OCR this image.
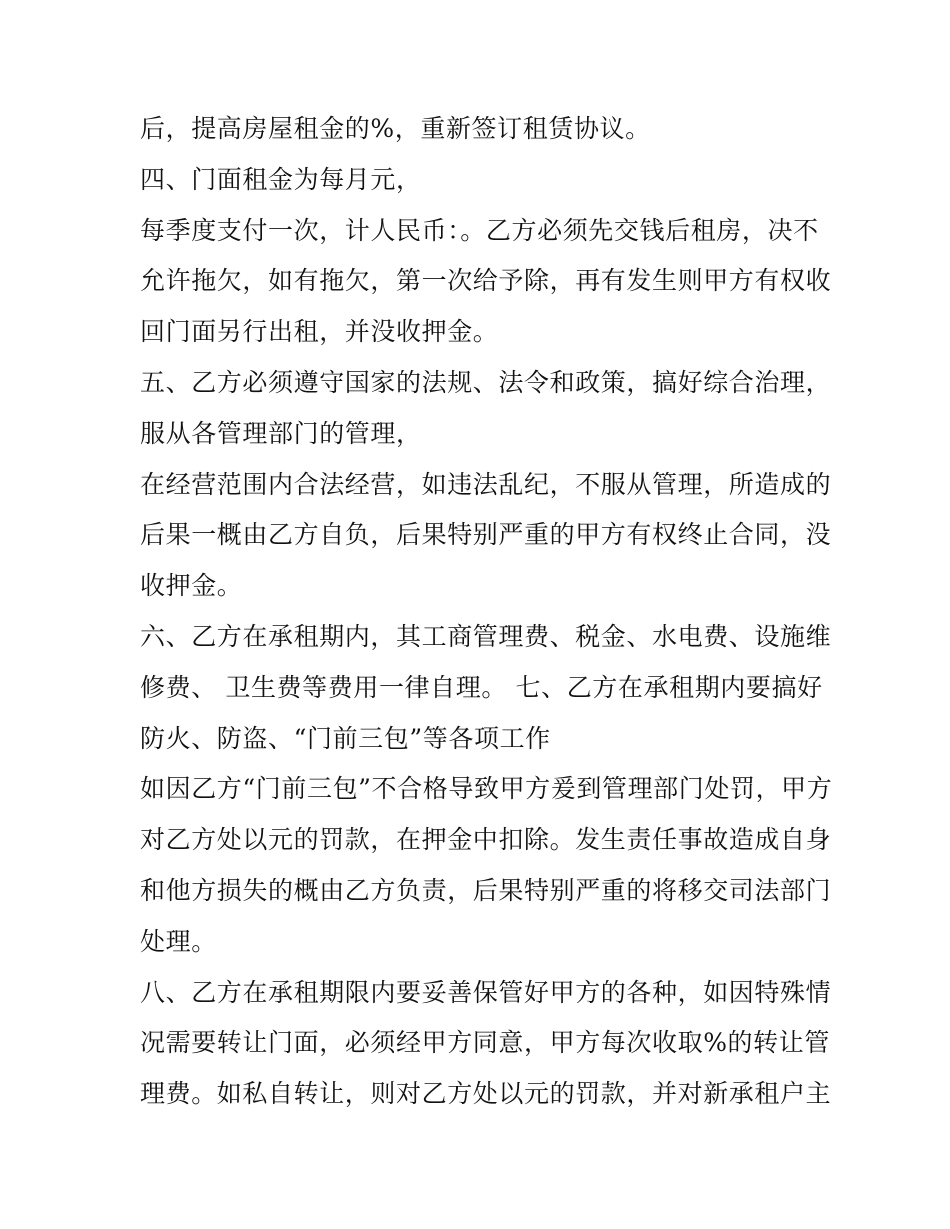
后，提高房屋租金的%，重新签订租赁协议。
四、门面租金为每月元，
每季度支付一次，计人民币：。乙方必须先交钱后租房，决不
允许拖欠，如有拖欠，第一次给予除，再有发生则甲方有权收
回门面另行出租，并没收押金。
五、乙方必须遵守国家的法规、法令和政策，搞好综合治理，
服从各管理部门的管理，
在经营范围内合法经营，如违法乱纪，不服从管理，所造成的
后果一概由乙方自负，后果特别严重的甲方有权终止合同，没
收押金。
六、乙方在承租期内，其工商管理费、税金、水电费、设施维
修费、 卫生费等费用一律自理。 七、乙方在承租期内要搞好
防火、防盗、“门前三包”等各项工作
如因乙方“门前三包”不合格导致甲方爰到管理部门处罚，甲方
对乙方处以元的罚款，在押金中扣除。发生责任事故造成自身
和他方损失的概由乙方负责，后果特别严重的将移交司法部门
处理。
八、乙方在承租期限内要妥善保管好甲方的各种，如因特殊情
况需要转让门面，必须经甲方同意，甲方每次收取%的转让管
理费。如私自转让，则对乙方处以元的罚款，并对新承租户主
